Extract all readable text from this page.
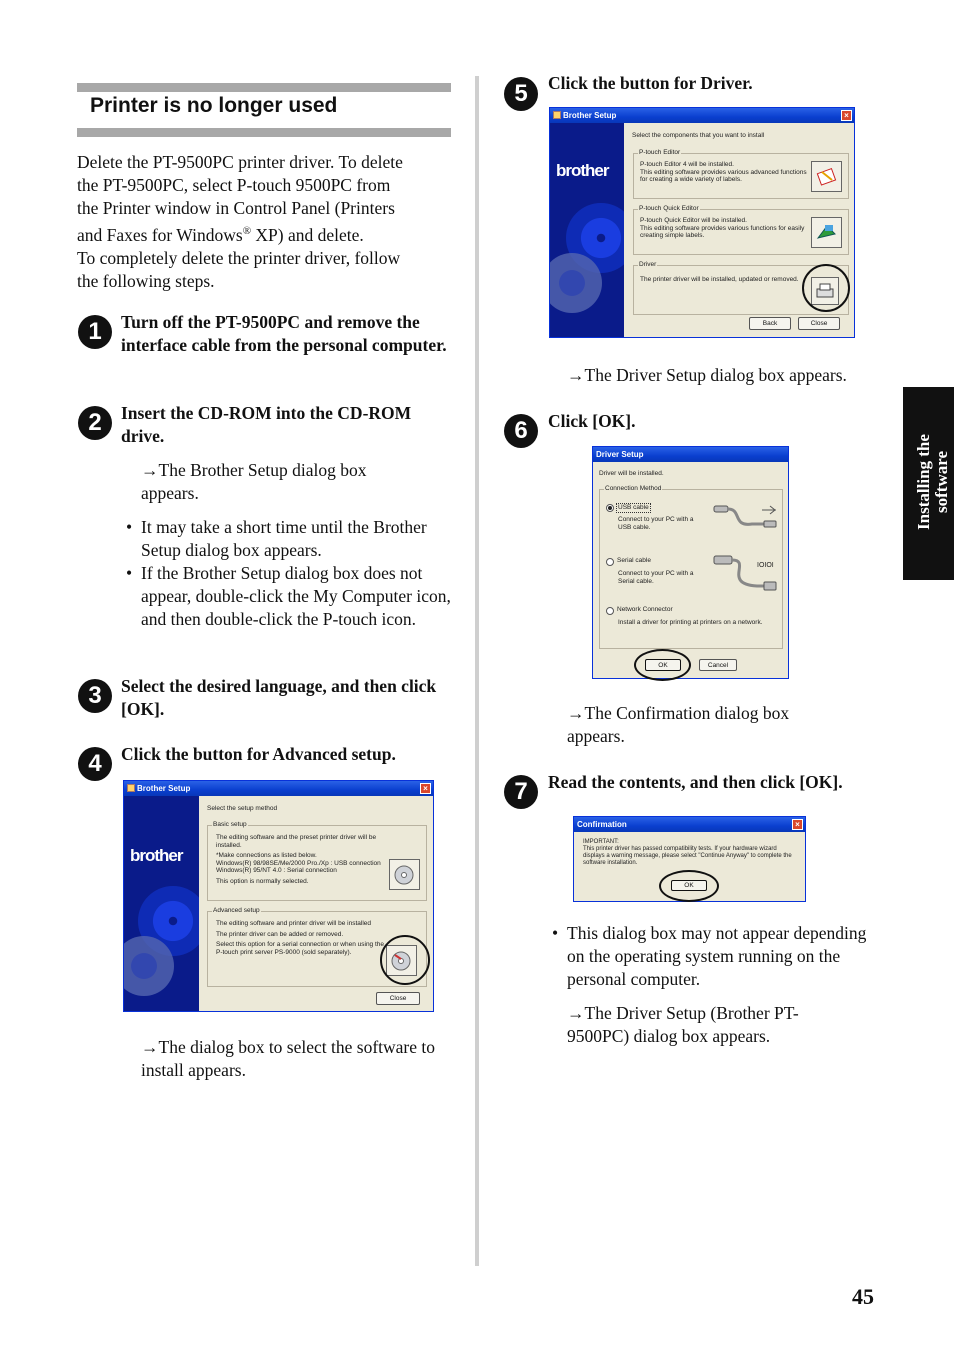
Printer is no longer used
Delete the PT-9500PC printer driver. To delete
the PT-9500PC, select P-touch 9500PC from
the Printer window in Control Panel (Printers
and Faxes for Windows® XP) and delete.
To completely delete the printer driver, follow
the following steps.
1	Turn off the PT-9500PC and remove the interface cable from the personal computer.
2	Insert the CD-ROM into the CD-ROM drive.
→The Brother Setup dialog box appears.
• It may take a short time until the Brother Setup dialog box appears.
• If the Brother Setup dialog box does not appear, double-click the My Computer icon, and then double-click the P-touch icon.
3	Select the desired language, and then click [OK].
4	Click the button for Advanced setup.
Brother Setup	×
brother
Select the setup method
Basic setup
The editing software and the preset printer driver will be
installed.
*Make connections as listed below.
Windows(R) 98/98SE/Me/2000 Pro./Xp : USB connection
Windows(R) 95/NT 4.0 : Serial connection
This option is normally selected.
Advanced setup
The editing software and printer driver will be installed
The printer driver can be added or removed.
Select this option for a serial connection or when using the
P-touch print server PS-9000 (sold separately).
Close
→The dialog box to select the software to install appears.
5	Click the button for Driver.
Brother Setup	×
brother
Select the components that you want to install
P-touch Editor
P-touch Editor 4 will be installed.
This editing software provides various advanced functions
for creating a wide variety of labels.
P-touch Quick Editor
P-touch Quick Editor will be installed.
This editing software provides various functions for easily
creating simple labels.
Driver
The printer driver will be installed, updated or removed.
Back	Close
→The Driver Setup dialog box appears.
6	Click [OK].
Driver Setup
Driver will be installed.
Connection Method
USB cable
Connect to your PC with a
USB cable.
Serial cable
Connect to your PC with a
Serial cable.
IOIOI
Network Connector
Install a driver for printing at printers on a network.
OK	Cancel
→The Confirmation dialog box appears.
7	Read the contents, and then click [OK].
Confirmation	×
IMPORTANT:
This printer driver has passed compatibility tests. If your hardware wizard
displays a warning message, please select "Continue Anyway" to complete the
software installation.
OK
• This dialog box may not appear depending on the operating system running on the personal computer.
→The Driver Setup (Brother PT-9500PC) dialog box appears.
Installing the software
45
